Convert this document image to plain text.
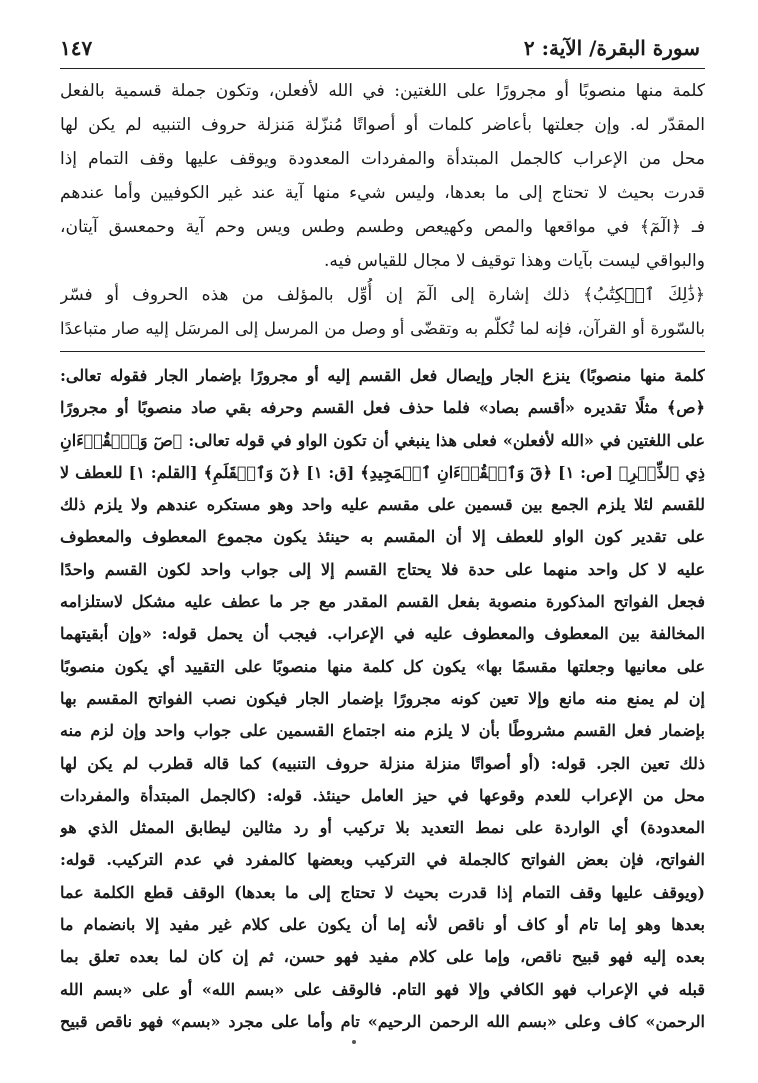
سورة البقرة/ الآية: ٢
١٤٧
كلمة منها منصوبًا أو مجرورًا على اللغتين: في الله لأفعلن، وتكون جملة قسمية بالفعل
المقدّر له. وإن جعلتها بأعاضر كلمات أو أصواتًا مُنزّلة مَنزلة حروف التنبيه لم يكن لها
محل من الإعراب كالجمل المبتدأة والمفردات المعدودة ويوقف عليها وقف التمام إذا
قدرت بحيث لا تحتاج إلى ما بعدها، وليس شيء منها آية عند غير الكوفيين وأما عندهم
فـ ﴿الٓمٓ﴾ في مواقعها والمص وكهيعص وطسم وطس ويس وحم آية وحمعسق آيتان،
والبواقي ليست بآيات وهذا توقيف لا مجال للقياس فيه.
﴿ذَٰلِكَ ٱلۡكِتَٰبُ﴾ ذلك إشارة إلى الٓمٓ إن أُوِّل بالمؤلف من هذه الحروف أو فسّر
بالسّورة أو القرآن، فإنه لما تُكلّم به وتقضّى أو وصل من المرسل إلى المرسَل إليه صار متباعدًا
كلمة منها منصوبًا) ينزع الجار وإيصال فعل القسم إليه أو مجرورًا بإضمار الجار فقوله تعالى:
﴿ص﴾ مثلًا تقديره «أقسم بصاد» فلما حذف فعل القسم وحرفه بقي صاد منصوبًا أو مجرورًا
على اللغتين في «الله لأفعلن» فعلى هذا ينبغي أن تكون الواو في قوله تعالى: ﴿صٓ وَٱلۡقُرۡءَانِ
ذِي ٱلذِّكۡرِ﴾ [ص: ١] ﴿قٓ وَٱلۡقُرۡءَانِ ٱلۡمَجِيدِ﴾ [ق: ١] ﴿نٓ وَٱلۡقَلَمِ﴾ [القلم: ١] للعطف لا
للقسم لئلا يلزم الجمع بين قسمين على مقسم عليه واحد وهو مستكره عندهم ولا يلزم ذلك
على تقدير كون الواو للعطف إلا أن المقسم به حينئذ يكون مجموع المعطوف والمعطوف
عليه لا كل واحد منهما على حدة فلا يحتاج القسم إلا إلى جواب واحد لكون القسم واحدًا
فجعل الفواتح المذكورة منصوبة بفعل القسم المقدر مع جر ما عطف عليه مشكل لاستلزامه
المخالفة بين المعطوف والمعطوف عليه في الإعراب. فيجب أن يحمل قوله: «وإن أبقيتهما
على معانيها وجعلتها مقسمًا بها» يكون كل كلمة منها منصوبًا على التقييد أي يكون منصوبًا
إن لم يمنع منه مانع وإلا تعين كونه مجرورًا بإضمار الجار فيكون نصب الفواتح المقسم بها
بإضمار فعل القسم مشروطًا بأن لا يلزم منه اجتماع القسمين على جواب واحد وإن لزم منه
ذلك تعين الجر. قوله: (أو أصواتًا منزلة منزلة حروف التنبيه) كما قاله قطرب لم يكن لها
محل من الإعراب للعدم وقوعها في حيز العامل حينئذ. قوله: (كالجمل المبتدأة والمفردات
المعدودة) أي الواردة على نمط التعديد بلا تركيب أو رد مثالين ليطابق الممثل الذي هو
الفواتح، فإن بعض الفواتح كالجملة في التركيب وبعضها كالمفرد في عدم التركيب. قوله:
(ويوقف عليها وقف التمام إذا قدرت بحيث لا تحتاج إلى ما بعدها) الوقف قطع الكلمة عما
بعدها وهو إما تام أو كاف أو ناقص لأنه إما أن يكون على كلام غير مفيد إلا بانضمام ما
بعده إليه فهو قبيح ناقص، وإما على كلام مفيد فهو حسن، ثم إن كان لما بعده تعلق بما
قبله في الإعراب فهو الكافي وإلا فهو التام. فالوقف على «بسم الله» أو على «بسم الله
الرحمن» كاف وعلى «بسم الله الرحمن الرحيم» تام وأما على مجرد «بسم» فهو ناقص قبيح
